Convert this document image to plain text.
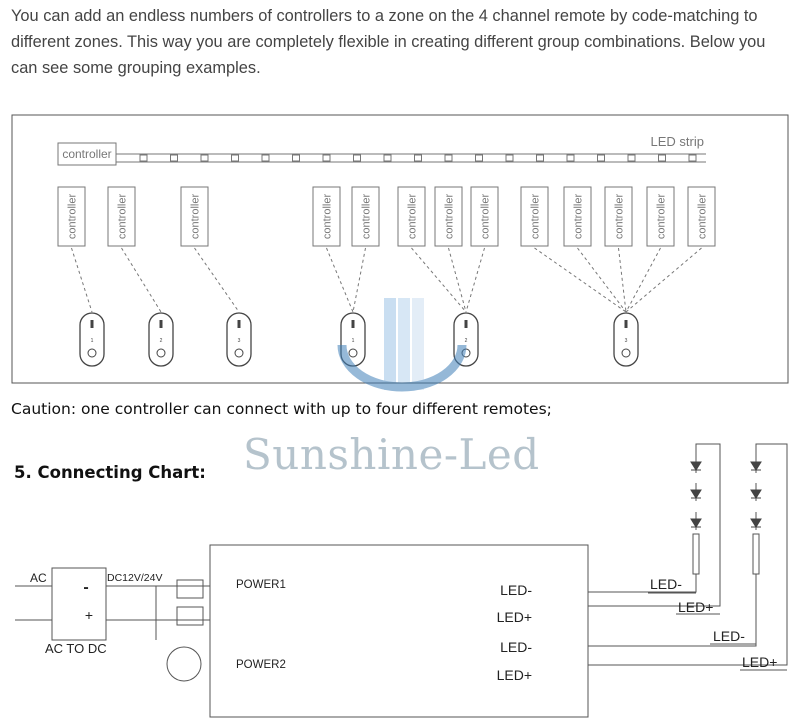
You can add an endless numbers of controllers to a zone on the 4 channel remote by code-matching to different zones. This way you are completely flexible in creating different group combinations. Below you can see some grouping examples.

controller
LED strip
controller	controller	controller	controller controller	controller controller controller	controller	controller	controller	controller	controller
1	2	3	1	2	3
AC
-
+
DC12V/24V
AC TO DC
POWER1
POWER2
LED-
LED+
LED-
LED+
LED-
LED+
LED-
LED+
Caution: one controller can connect with up to four different remotes;
Sunshine-Led
5. Connecting Chart:
